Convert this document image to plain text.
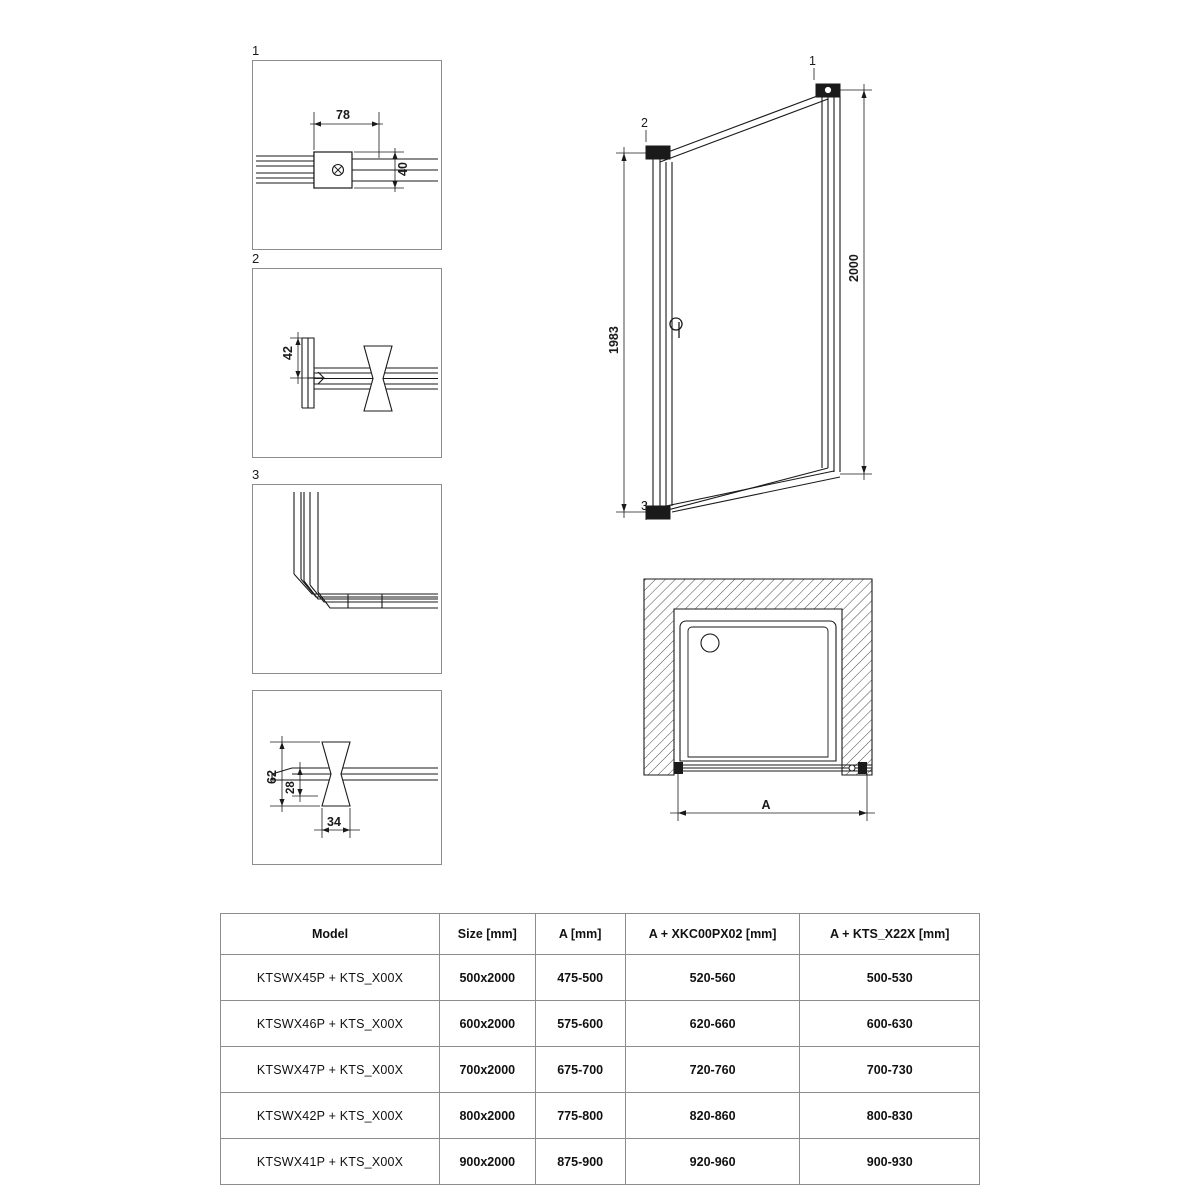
1
78
40
2
42
3
62
28
34
1
2
3
2000
1983
A
Model	Size [mm]	A [mm]	A + XKC00PX02 [mm]	A + KTS_X22X [mm]
KTSWX45P + KTS_X00X	500x2000	475-500	520-560	500-530
KTSWX46P + KTS_X00X	600x2000	575-600	620-660	600-630
KTSWX47P + KTS_X00X	700x2000	675-700	720-760	700-730
KTSWX42P + KTS_X00X	800x2000	775-800	820-860	800-830
KTSWX41P + KTS_X00X	900x2000	875-900	920-960	900-930
